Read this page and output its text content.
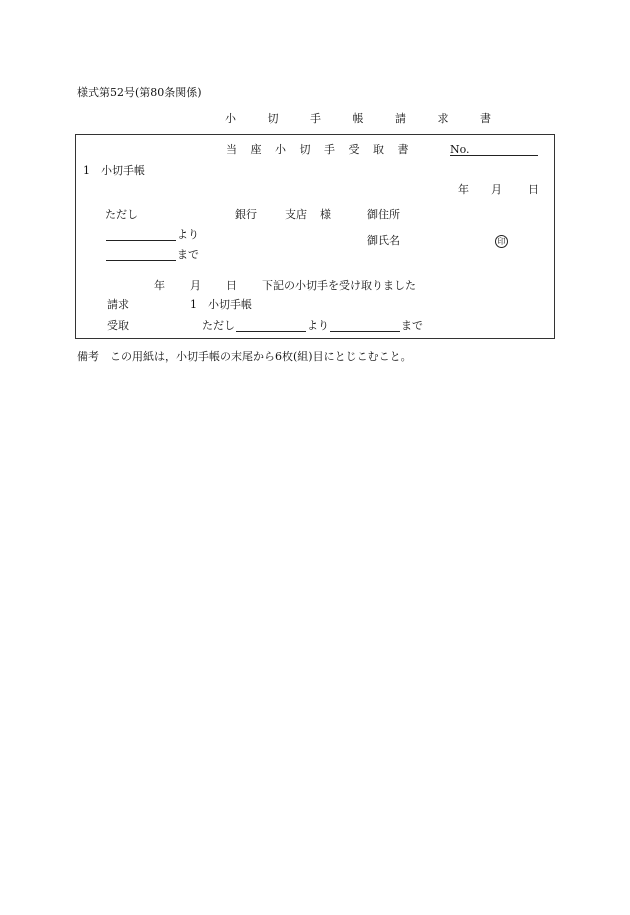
様式第52号(第80条関係)
小 切 手 帳 請 求 書
当 座 小 切 手 受 取 書	No.
1　小切手帳
年 月 日
ただし	銀行	支店 様	御住所
より	御氏名	印
まで
年 月 日 下記の小切手を受け取りました
請求	1　小切手帳
受取	ただし	より	まで
備考　この用紙は，小切手帳の末尾から6枚(組)目にとじこむこと。
